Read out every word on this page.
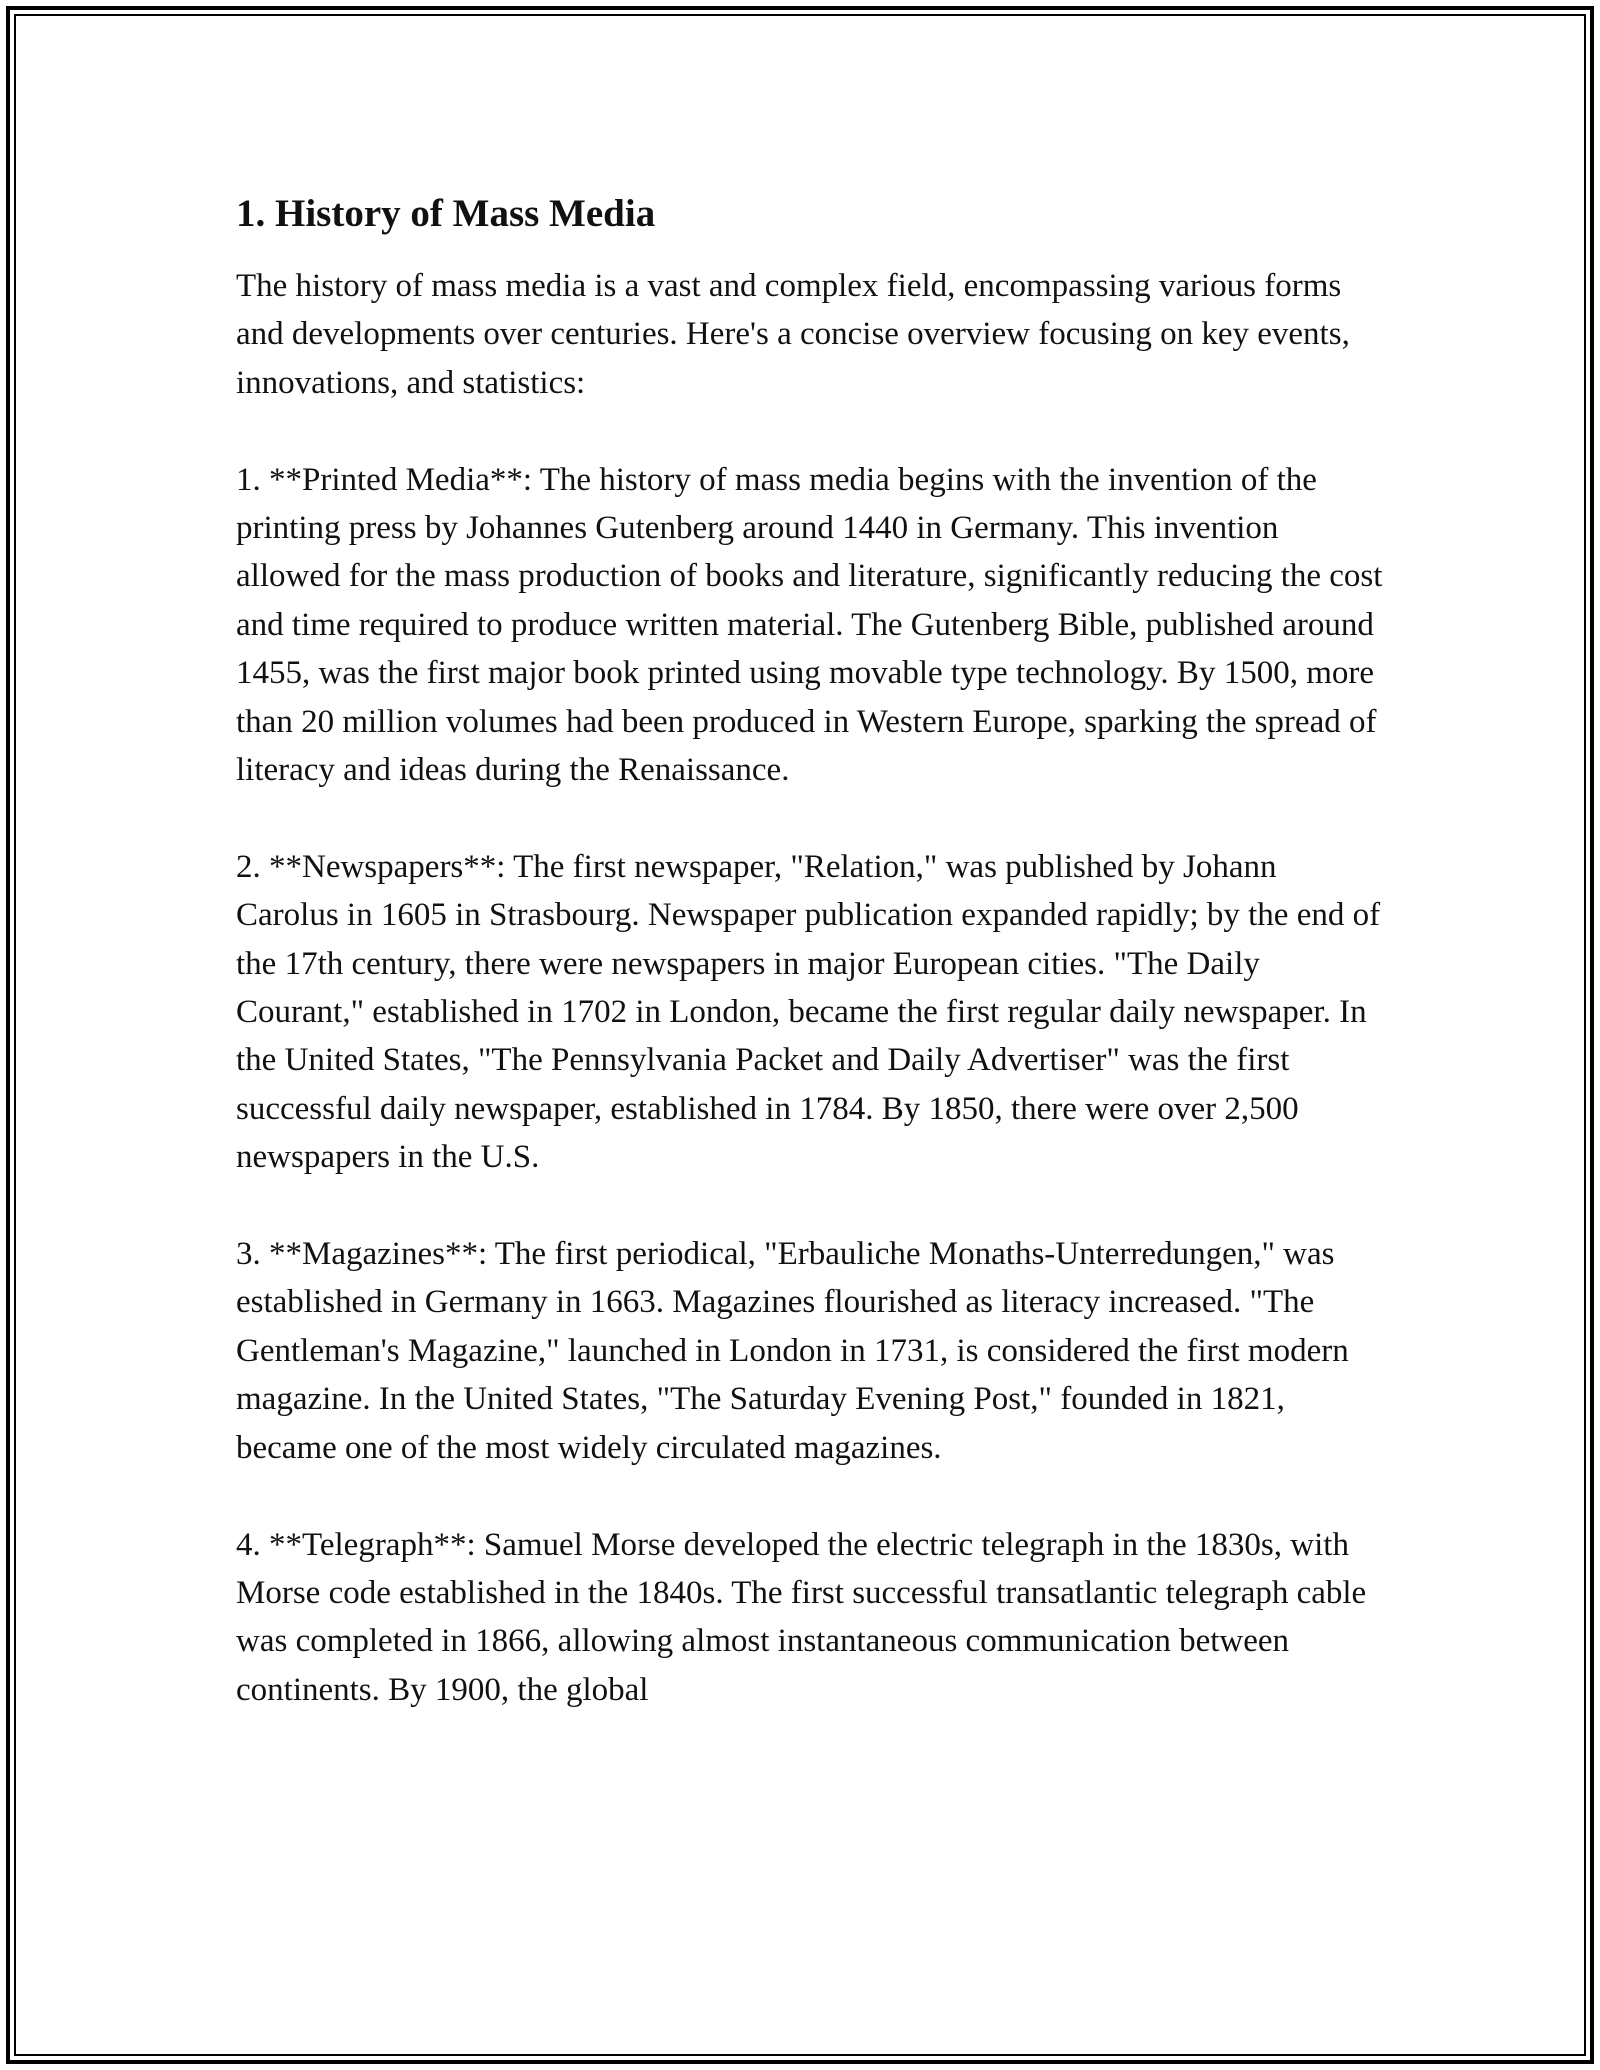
1. History of Mass Media

The history of mass media is a vast and complex field, encompassing various forms and developments over centuries. Here's a concise overview focusing on key events, innovations, and statistics:

1. **Printed Media**: The history of mass media begins with the invention of the printing press by Johannes Gutenberg around 1440 in Germany. This invention allowed for the mass production of books and literature, significantly reducing the cost and time required to produce written material. The Gutenberg Bible, published around 1455, was the first major book printed using movable type technology. By 1500, more than 20 million volumes had been produced in Western Europe, sparking the spread of literacy and ideas during the Renaissance.

2. **Newspapers**: The first newspaper, "Relation," was published by Johann Carolus in 1605 in Strasbourg. Newspaper publication expanded rapidly; by the end of the 17th century, there were newspapers in major European cities. "The Daily Courant," established in 1702 in London, became the first regular daily newspaper. In the United States, "The Pennsylvania Packet and Daily Advertiser" was the first successful daily newspaper, established in 1784. By 1850, there were over 2,500 newspapers in the U.S.

3. **Magazines**: The first periodical, "Erbauliche Monaths-Unterredungen," was established in Germany in 1663. Magazines flourished as literacy increased. "The Gentleman's Magazine," launched in London in 1731, is considered the first modern magazine. In the United States, "The Saturday Evening Post," founded in 1821, became one of the most widely circulated magazines.

4. **Telegraph**: Samuel Morse developed the electric telegraph in the 1830s, with Morse code established in the 1840s. The first successful transatlantic telegraph cable was completed in 1866, allowing almost instantaneous communication between continents. By 1900, the global
